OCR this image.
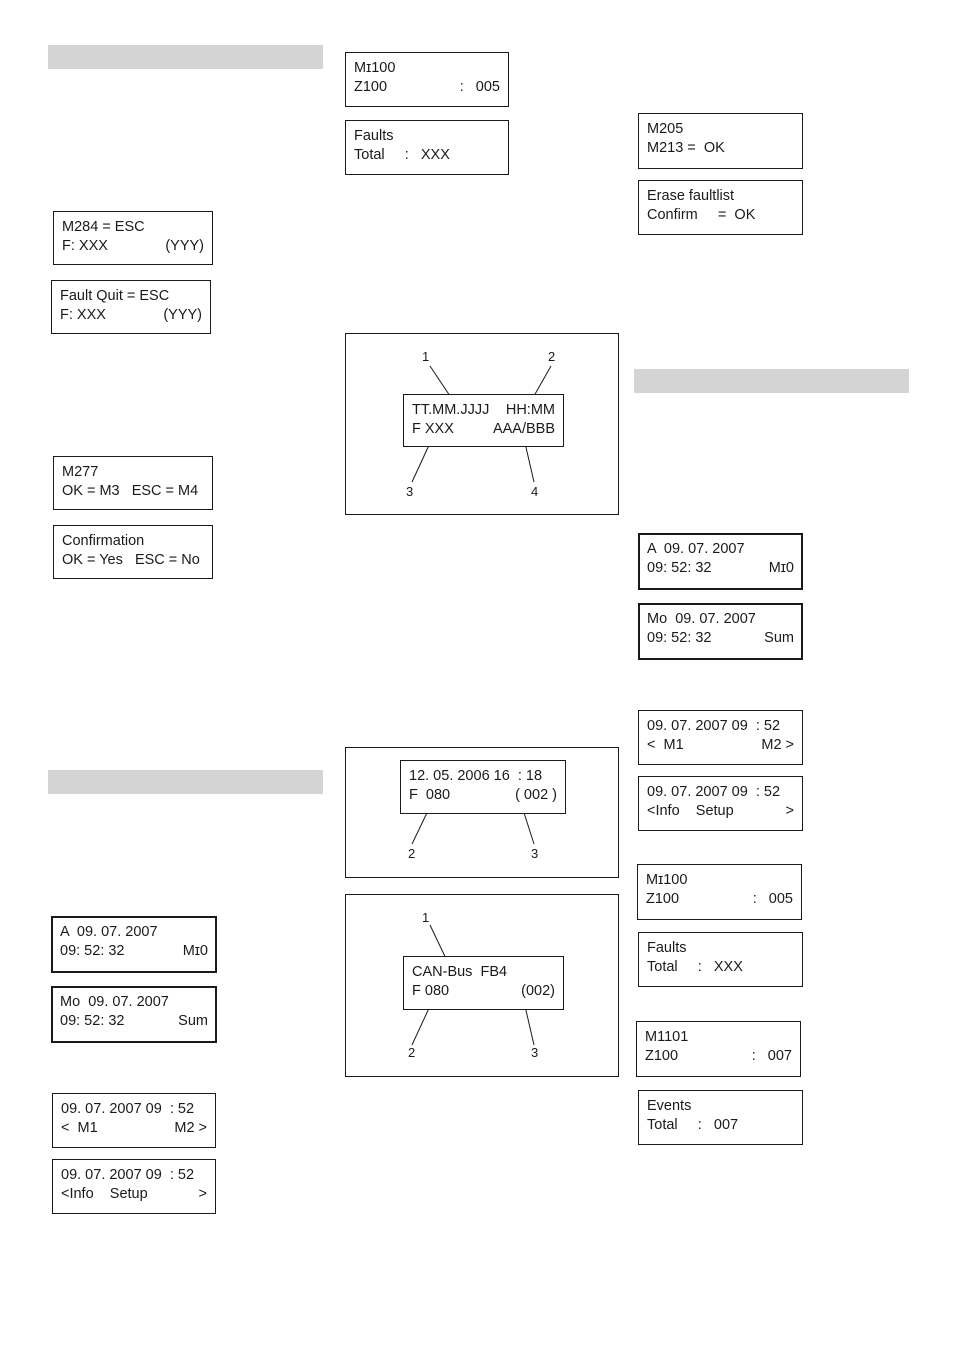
M284 = ESC
F: XXX	(YYY)
Fault Quit = ESC
F: XXX	(YYY)
M277
OK = M3   ESC = M4
Confirmation
OK = Yes   ESC = No
A  09. 07. 2007
09: 52: 32	Mɪ0
Mo  09. 07. 2007
09: 52: 32	Sum
09. 07. 2007 09  : 52
<  M1	M2 >
09. 07. 2007 09  : 52
<Info    Setup	>
Mɪ100
Z100	:   005
Faults
Total     :   XXX
1	2
3	4
TT.MM.JJJJ HH:MM
F XXX	AAA/BBB
2	3
12. 05. 2006 16  : 18
F  080	( 002 )
1
2	3
CAN-Bus  FB4
F 080	(002)
M205
M213 =  OK
Erase faultlist
Confirm     =  OK
A  09. 07. 2007
09: 52: 32	Mɪ0
Mo  09. 07. 2007
09: 52: 32	Sum
09. 07. 2007 09  : 52
<  M1	M2 >
09. 07. 2007 09  : 52
<Info    Setup	>
Mɪ100
Z100	:   005
Faults
Total     :   XXX
M1101
Z100	:   007
Events
Total     :   007
